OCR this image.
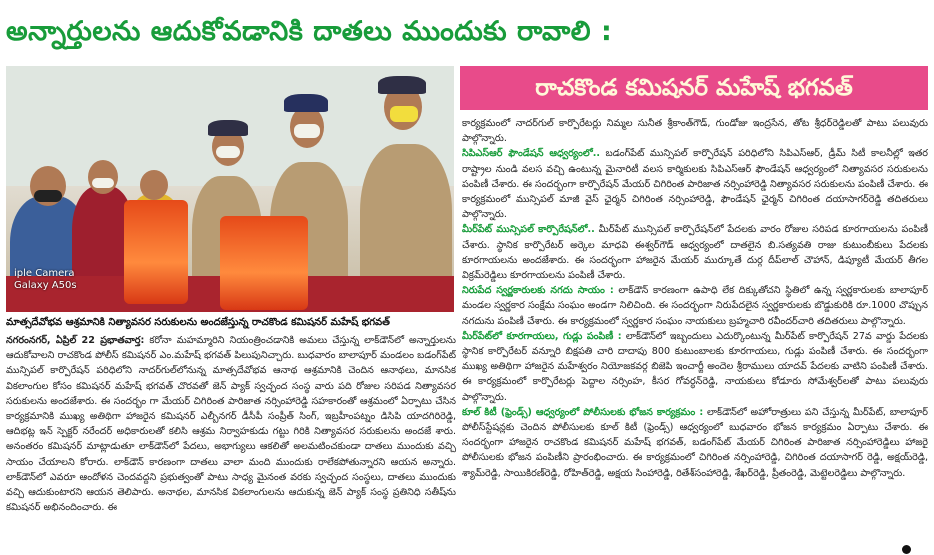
అన్నార్తులను ఆదుకోవడానికి దాతలు ముందుకు రావాలి :
రాచకొండ కమిషనర్ మహేష్ భగవత్
iple Camera
Galaxy A50s
మాత్సదేవోభవ ఆశ్రమానికి నిత్యావసర సరుకులను అందజేస్తున్న రాచకొండ కమిషనర్ మహేష్ భగవత్

నగరంనగర్, ఏప్రిల్ 22 ప్రభాతవార్త: కరోనా మహమ్మారిని నియంత్రించడానికి అమలు చేస్తున్న లాక్‌డౌన్‌లో అన్నార్తులను ఆదుకోవాలని రాచకొండ పోలీస్ కమిషనర్ ఎం.మహేష్ భగవత్ పిలుపునిచ్చారు. బుధవారం బాలాపూర్ మండలం బడంగ్‌పేట్ మున్సిపల్ కార్పొరేషన్ పరిధిలోని నాదర్‌గుల్‌లోనున్న మాత్సదేవోభవ ఆనాథ ఆశ్రమానికి చెందిన ఆనాథలు, మానసిక వికలాంగుల కోసం కమిషనర్ మహేష్ భగవత్ చొరవతో జెన్ ప్యాక్ స్వచ్ఛంద సంస్థ వారు పది రోజుల సరిపడ నిత్యావసర సరుకులను అందజేశారు. ఈ సందర్భం గా మేయర్ చిగిరింత పారిజాత నర్సింహారెడ్డి సహకారంతో ఆశ్రమంలో ఏర్పాటు చేసిన కార్యక్రమానికి ముఖ్య అతిథిగా హాజరైన కమిషనర్ ఎల్బీనగర్ డీసీపీ సంప్రీత్ సింగ్, ఇబ్రహీంపట్నం డిసిపి యాదగిరిరెడ్డి, ఆదిభట్ల ఇన్ స్పెక్టర్ నరేందర్ అధికారులతో కలిసి ఆశ్రమ నిర్వాహకుడు గట్టు గిరికి నిత్యావసర సరుకులను అందజే శారు. అనంతరం కమిషనర్ మాట్లాడుతూ లాక్‌డౌన్‌లో పేదలు, అభాగ్యులు ఆకలితో అలమటించకుండా దాతలు ముందుకు వచ్చి సాయం చేయాలని కోరారు. లాక్‌డౌన్ కారణంగా దాతలు వాలా మంది ముందుకు రాలేకపోతున్నారని ఆయన అన్నారు. లాక్‌డౌన్‌లో ఎవరూ ఆందోళన చెందవద్దని ప్రభుత్వంతో పాటు సాధ్య మైనంత వరకు స్వచ్ఛంద సంస్థలు, దాతలు ముందుకు వచ్చి ఆదుకుంటారని ఆయన తెలిపారు. అనాథల, మానసిక వికలాంగులను ఆదుకున్న జెన్ ప్యాక్ సంస్థ ప్రతినిధి సతీష్‌ను కమిషనర్ అభినందించారు. ఈ

కార్యక్రమంలో నాదర్‌గుల్ కార్పొరేటర్లు నిమ్మల సునీత శ్రీకాంత్‌గౌడ్, గుండోజు ఇంద్రసేన, తోట శ్రీధర్‌రెడ్డిలతో పాటు పలువురు పాల్గొన్నారు.

సిపిఎస్‌ఆర్ ఫౌండేషన్ ఆధ్వర్యంలో.. బడంగ్‌పేట్ మున్సిపల్ కార్పొరేషన్ పరిధిలోని సిపిఎస్ఆర్, డ్రీమ్ సిటీ కాలనీల్లో ఇతర రాష్ట్రాల నుండి వలస వచ్చి ఉంటున్న మైనారిటీ వలస కార్మికులకు సిపిఎస్‌ఆర్ ఫౌండేషన్ ఆధ్వర్యంలో నిత్యావసర సరుకులను పంపిణీ చేశారు. ఈ సందర్భంగా కార్పొరేషన్ మేయర్ చిగిరింత పారిజాత నర్సింహారెడ్డి నిత్యావసర సరుకులను పంపిణీ చేశారు. ఈ కార్యక్రమంలో మున్సిపల్ మాజీ వైస్ ఛైర్మన్ చిగిరింత నర్సింహారెడ్డి, ఫౌండేషన్ ఛైర్మన్ చిగిరింత దయాసాగర్‌రెడ్డి తదితరులు పాల్గొన్నారు.

మీర్‌పేట్ మున్సిపల్ కార్పొరేషన్‌లో.. మీర్‌పేట్ మున్సిపల్ కార్పొరేషన్‌లో పేదలకు వారం రోజుల సరిపడ కూరగాయలను పంపిణీ చేశారు. స్థానిక కార్పొరేటర్ అర్కెల మాధవి ఈశ్వర్‌గౌడ్ ఆధ్వర్యంలో దాతలైన బి.సత్యవతి రాజు కుటుంబీకులు పేదలకు కూరగాయలను అందజేశారు. ఈ సందర్భంగా హాజరైన మేయర్ ముర్కూతే దుర్గ దీప్‌లాల్ చౌహాన్, డిప్యూటీ మేయర్ తీగల విక్రమ్‌రెడ్డిలు కూరగాయలను పంపిణీ చేశారు.

నిరుపేద స్వర్ణకారులకు నగదు సాయం : లాక్‌డౌన్ కారణంగా ఉపాధి లేక దిక్కుతోచని స్థితిలో ఉన్న స్వర్ణకారులకు బాలాపూర్ మండల స్వర్ణకార సంక్షేమ సంఘం అండగా నిలిచింది. ఈ సందర్భంగా నిరుపేదలైన స్వర్ణకారులకు బొడ్డుకురికి రూ.1000 చొప్పున నగదును పంపిణీ చేశారు. ఈ కార్యక్రమంలో స్వర్ణకార సంఘం నాయకులు బ్రహ్మచారి రవీందర్‌చారి తదితరులు పాల్గొన్నారు.

మీర్‌పేట్‌లో కూరగాయలు, గుడ్లు పంపిణీ : లాక్‌డౌన్‌లో ఇబ్బందులు ఎదుర్కొంటున్న మీర్‌పేట్ కార్పొరేషన్ 27వ వార్డు పేదలకు స్థానిక కార్పొరేటర్ వన్నూరి బిక్షపతి చారి దాదాపు 800 కుటుంబాలకు కూరగాయలు, గుడ్లు పంపిణీ చేశారు. ఈ సందర్భంగా ముఖ్య అతిథిగా హాజరైన మహేశ్వరం నియోజకవర్గ బిజెపి ఇంచార్జీ అందెల శ్రీరాములు యాదవ్ పేదలకు వాటిని పంపిణీ చేశారు. ఈ కార్యక్రమంలో కార్పొరేటర్లు పెద్దాల నర్సింహ, కీసర గోవర్ధన్‌రెడ్డి, నాయకులు కోడూరు సోమేశ్వర్‌లతో పాటు పలువురు పాల్గొన్నారు.

కూల్ కిటీ (ఫ్రెండ్స్) ఆధ్వర్యంలో పోలీసులకు భోజన కార్యక్రమం : లాక్‌డౌన్‌లో అహోరాత్రులు పని చేస్తున్న మీర్‌పేట్, బాలాపూర్ పోలీస్‌స్టేషన్లకు చెందిన పోలీసులకు కూల్ కిటీ (ఫ్రెండ్స్) ఆధ్వర్యంలో బుధవారం భోజన కార్యక్రమం ఏర్పాటు చేశారు. ఈ సందర్భంగా హాజరైన రాచకొండ కమిషనర్ మహేష్ భగవత్, బడంగ్‌పేట్ మేయర్ చిగిరింత పారిజాత నర్సింహారెడ్డిలు హాజరై పోలీసులకు భోజన పంపిణీని ప్రారంభించారు. ఈ కార్యక్రమంలో చిగిరింత నర్సింహారెడ్డి, చిగిరింత దయాసాగర్ రెడ్డి, అక్షయ్‌రెడ్డి, శ్యామ్‌రెడ్డి, సాయికిరణ్‌రెడ్డి, రోహిత్‌రెడ్డి, అక్షయ సింహారెడ్డి, రితేశ్‌సంహారెడ్డి, శేఖర్‌రెడ్డి, ప్రీతంరెడ్డి, మెట్టెలరెడ్డిలు పాల్గొన్నారు.
